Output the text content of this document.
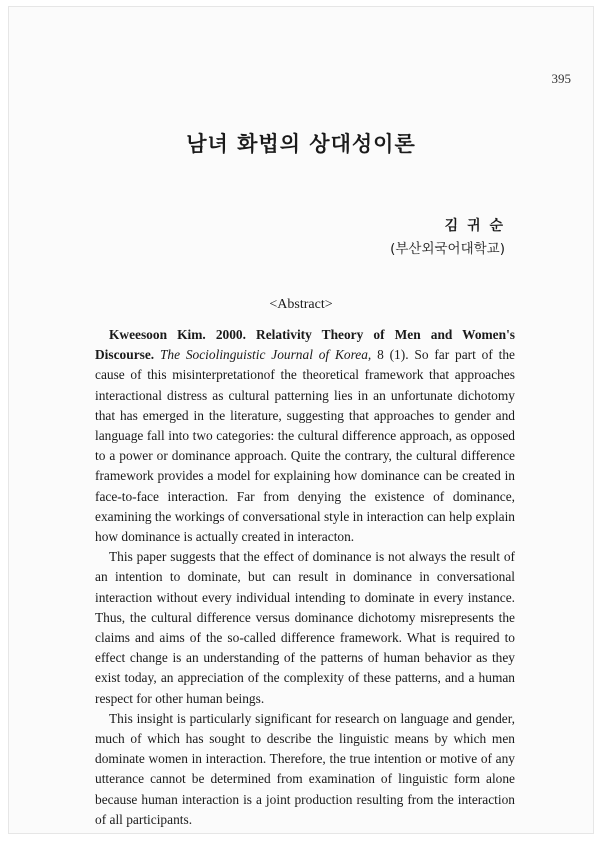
395
남녀 화법의 상대성이론
김 귀 순
(부산외국어대학교)
<Abstract>

Kweesoon Kim. 2000. Relativity Theory of Men and Women's Discourse. The Sociolinguistic Journal of Korea, 8 (1). So far part of the cause of this misinterpretationof the theoretical framework that approaches interactional distress as cultural patterning lies in an unfortunate dichotomy that has emerged in the literature, suggesting that approaches to gender and language fall into two categories: the cultural difference approach, as opposed to a power or dominance approach. Quite the contrary, the cultural difference framework provides a model for explaining how dominance can be created in face-to-face interaction. Far from denying the existence of dominance, examining the workings of conversational style in interaction can help explain how dominance is actually created in interacton.

This paper suggests that the effect of dominance is not always the result of an intention to dominate, but can result in dominance in conversational interaction without every individual intending to dominate in every instance. Thus, the cultural difference versus dominance dichotomy misrepresents the claims and aims of the so-called difference framework. What is required to effect change is an understanding of the patterns of human behavior as they exist today, an appreciation of the complexity of these patterns, and a human respect for other human beings.

This insight is particularly significant for research on language and gender, much of which has sought to describe the linguistic means by which men dominate women in interaction. Therefore, the true intention or motive of any utterance cannot be determined from examination of linguistic form alone because human interaction is a joint production resulting from the interaction of all participants.
